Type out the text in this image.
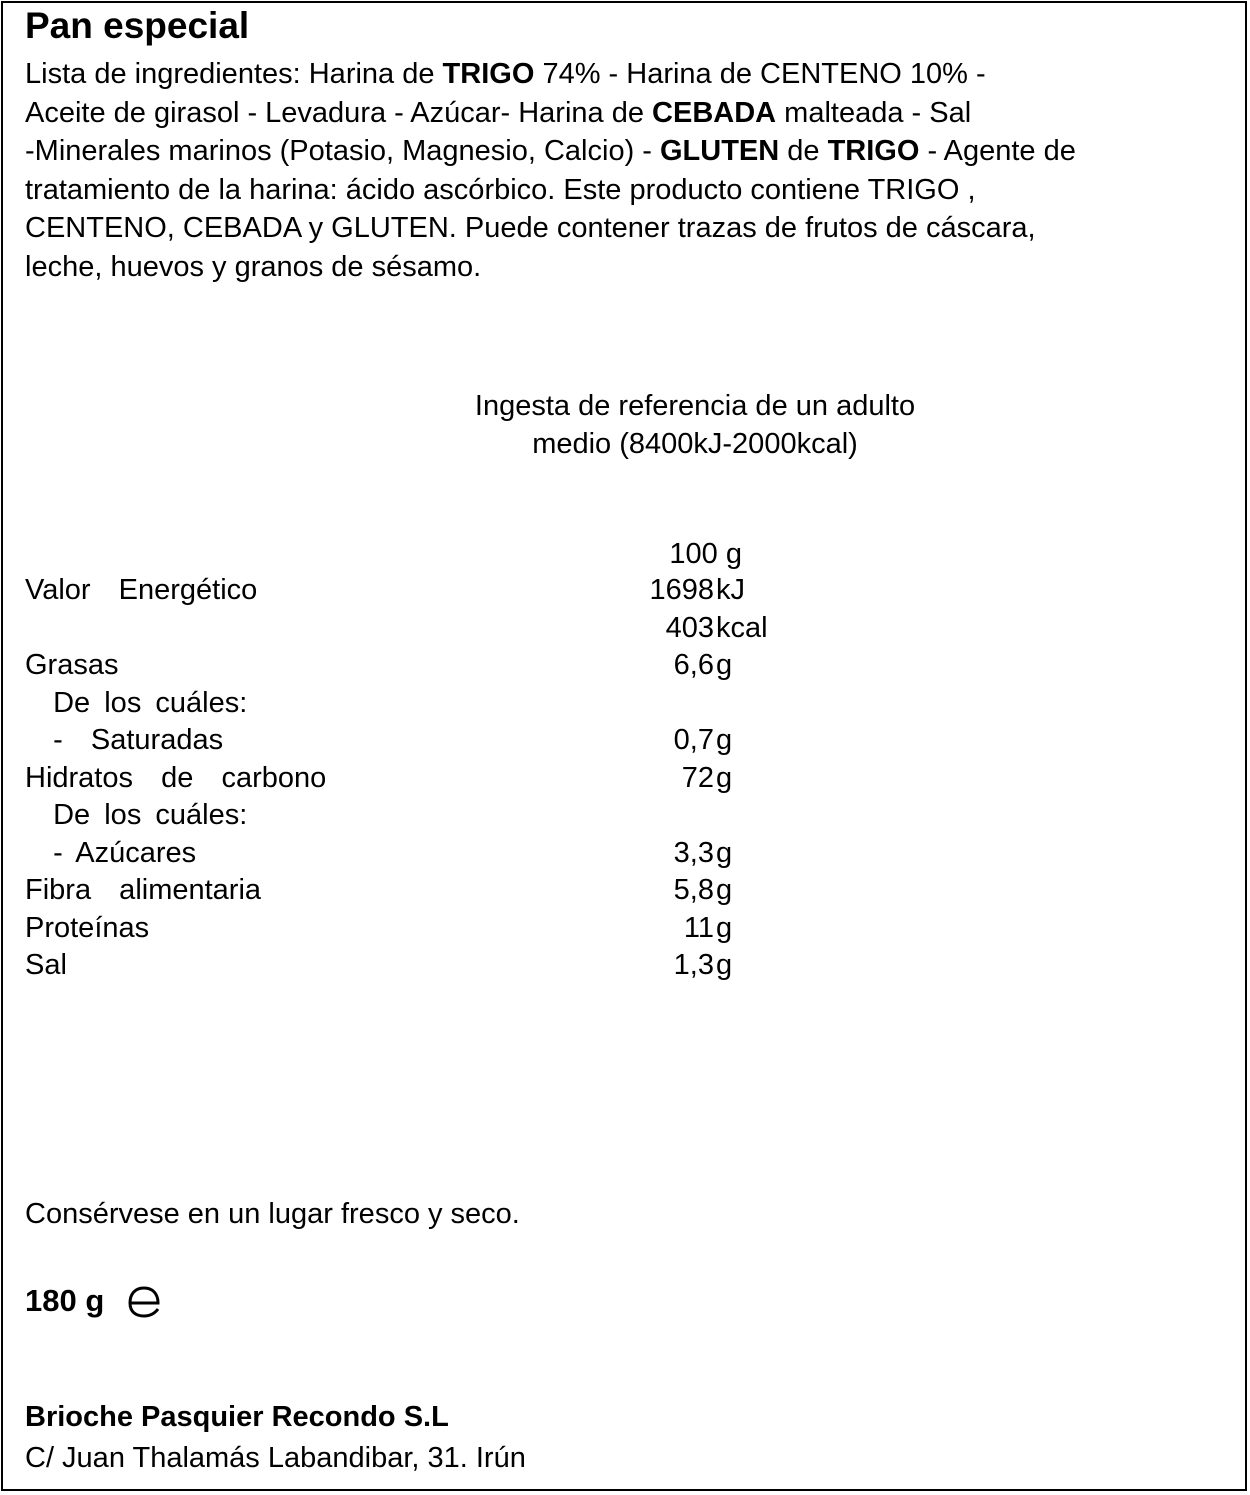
Pan especial
Lista de ingredientes: Harina de TRIGO 74% - Harina de CENTENO 10% -
Aceite de girasol - Levadura - Azúcar- Harina de CEBADA malteada - Sal
-Minerales marinos (Potasio, Magnesio, Calcio) - GLUTEN de TRIGO - Agente de
tratamiento de la harina: ácido ascórbico. Este producto contiene TRIGO ,
CENTENO, CEBADA y GLUTEN. Puede contener trazas de frutos de cáscara,
leche, huevos y granos de sésamo.
Ingesta de referencia de un adulto medio (8400kJ-2000kcal)
100 g
Valor  Energético	1698 kJ
403 kcal
Grasas	6,6 g
De los cuáles:
-  Saturadas	0,7 g
Hidratos  de  carbono	72 g
De los cuáles:
- Azúcares	3,3 g
Fibra  alimentaria	5,8 g
Proteínas	11 g
Sal	1,3 g
Consérvese en un lugar fresco y seco.
180 g
Brioche Pasquier Recondo S.L
C/ Juan Thalamás Labandibar, 31. Irún
